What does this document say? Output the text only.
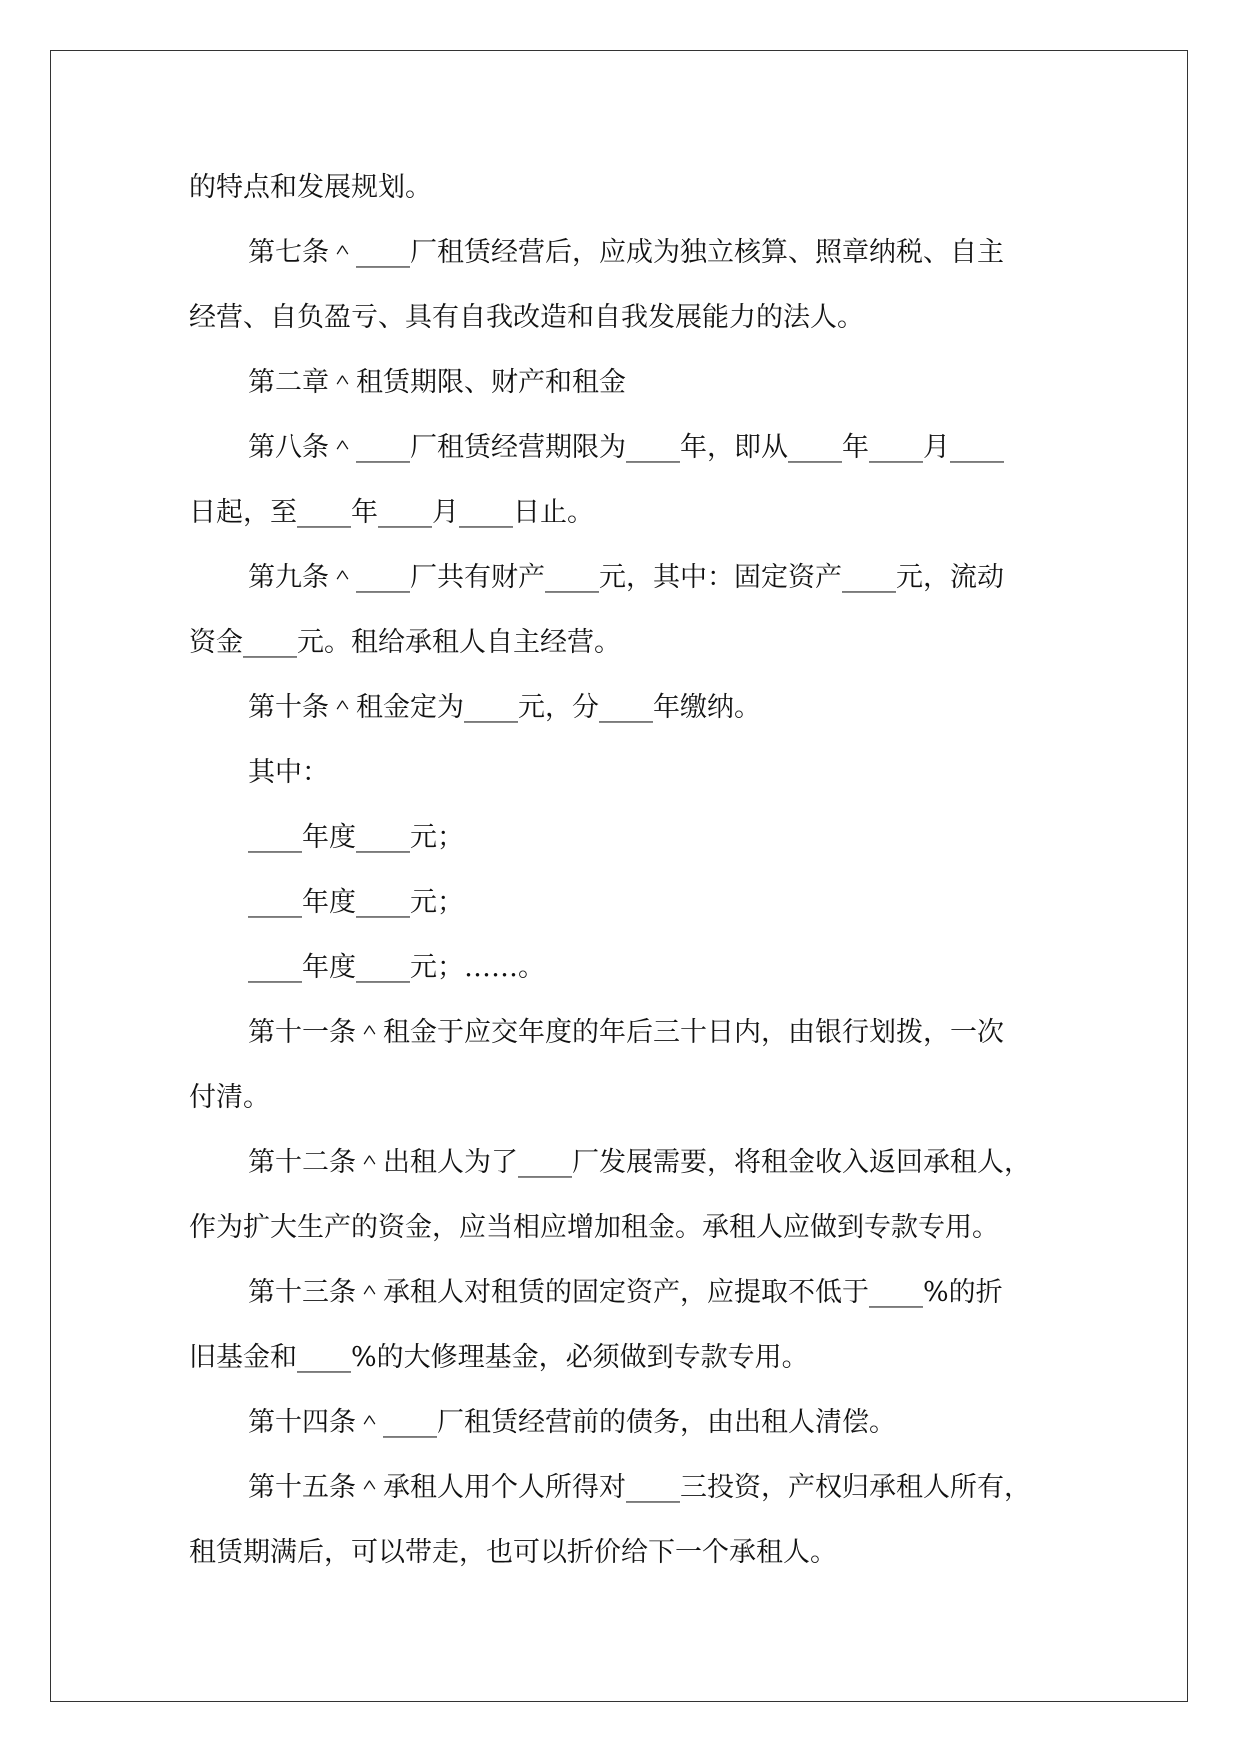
的特点和发展规划。

第七条＾____厂租赁经营后，应成为独立核算、照章纳税、自主

经营、自负盈亏、具有自我改造和自我发展能力的法人。

第二章＾租赁期限、财产和租金

第八条＾____厂租赁经营期限为____年，即从____年____月____

日起，至____年____月____日止。

第九条＾____厂共有财产____元，其中：固定资产____元，流动

资金____元。租给承租人自主经营。

第十条＾租金定为____元，分____年缴纳。

其中：

____年度____元；

____年度____元；

____年度____元；……。

第十一条＾租金于应交年度的年后三十日内，由银行划拨，一次

付清。

第十二条＾出租人为了____厂发展需要，将租金收入返回承租人，

作为扩大生产的资金，应当相应增加租金。承租人应做到专款专用。

第十三条＾承租人对租赁的固定资产，应提取不低于____%的折

旧基金和____%的大修理基金，必须做到专款专用。

第十四条＾____厂租赁经营前的债务，由出租人清偿。

第十五条＾承租人用个人所得对____三投资，产权归承租人所有，

租赁期满后，可以带走，也可以折价给下一个承租人。
